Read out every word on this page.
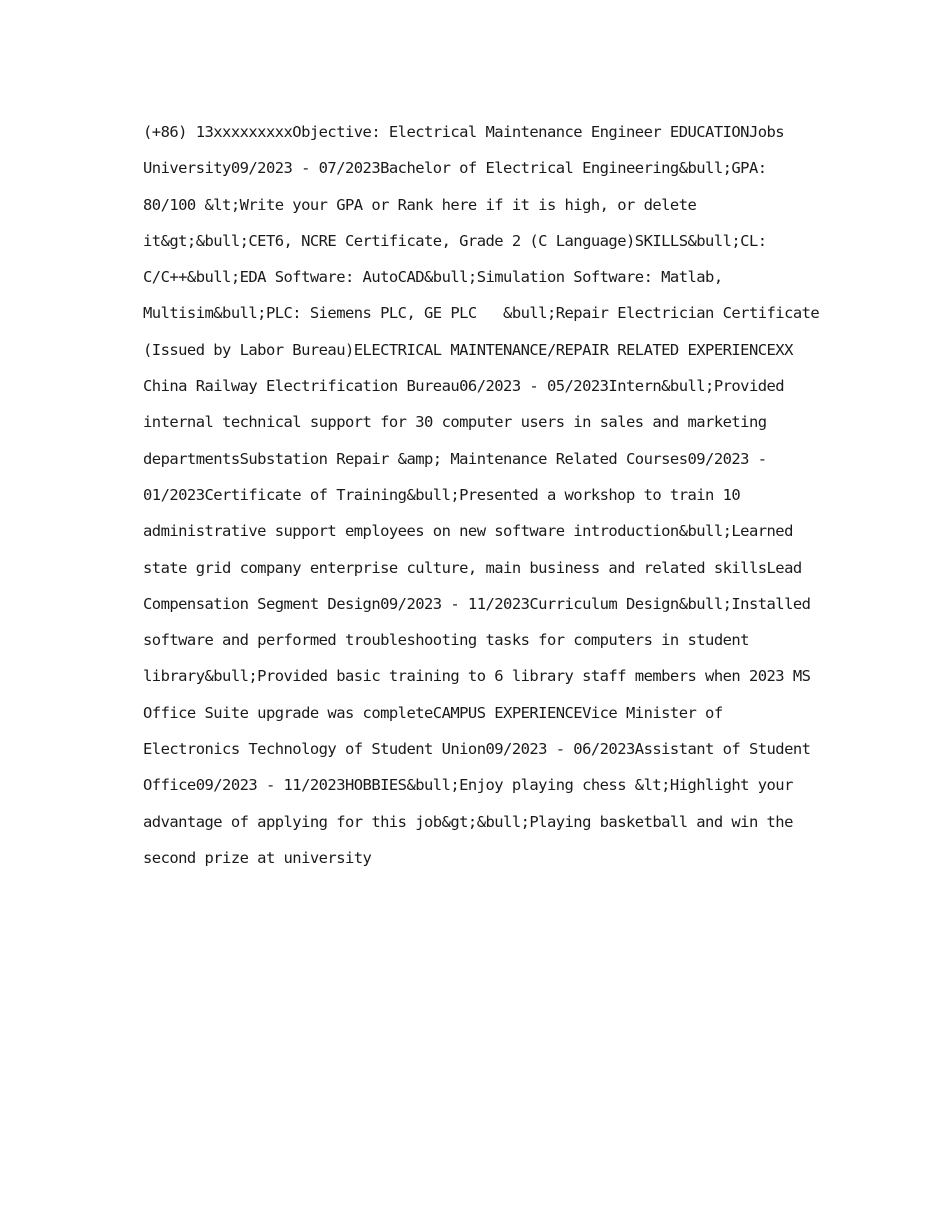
(+86) 13xxxxxxxxxObjective: Electrical Maintenance Engineer EDUCATIONJobs University09/2023 - 07/2023Bachelor of Electrical Engineering&bull;GPA: 80/100 &lt;Write your GPA or Rank here if it is high, or delete it&gt;&bull;CET6, NCRE Certificate, Grade 2 (C Language)SKILLS&bull;CL: C/C++&bull;EDA Software: AutoCAD&bull;Simulation Software: Matlab, Multisim&bull;PLC: Siemens PLC, GE PLC   &bull;Repair Electrician Certificate (Issued by Labor Bureau)ELECTRICAL MAINTENANCE/REPAIR RELATED EXPERIENCEXX China Railway Electrification Bureau06/2023 - 05/2023Intern&bull;Provided internal technical support for 30 computer users in sales and marketing departmentsSubstation Repair &amp; Maintenance Related Courses09/2023 - 01/2023Certificate of Training&bull;Presented a workshop to train 10 administrative support employees on new software introduction&bull;Learned state grid company enterprise culture, main business and related skillsLead Compensation Segment Design09/2023 - 11/2023Curriculum Design&bull;Installed software and performed troubleshooting tasks for computers in student library&bull;Provided basic training to 6 library staff members when 2023 MS Office Suite upgrade was completeCAMPUS EXPERIENCEVice Minister of Electronics Technology of Student Union09/2023 - 06/2023Assistant of Student Office09/2023 - 11/2023HOBBIES&bull;Enjoy playing chess &lt;Highlight your advantage of applying for this job&gt;&bull;Playing basketball and win the second prize at university
